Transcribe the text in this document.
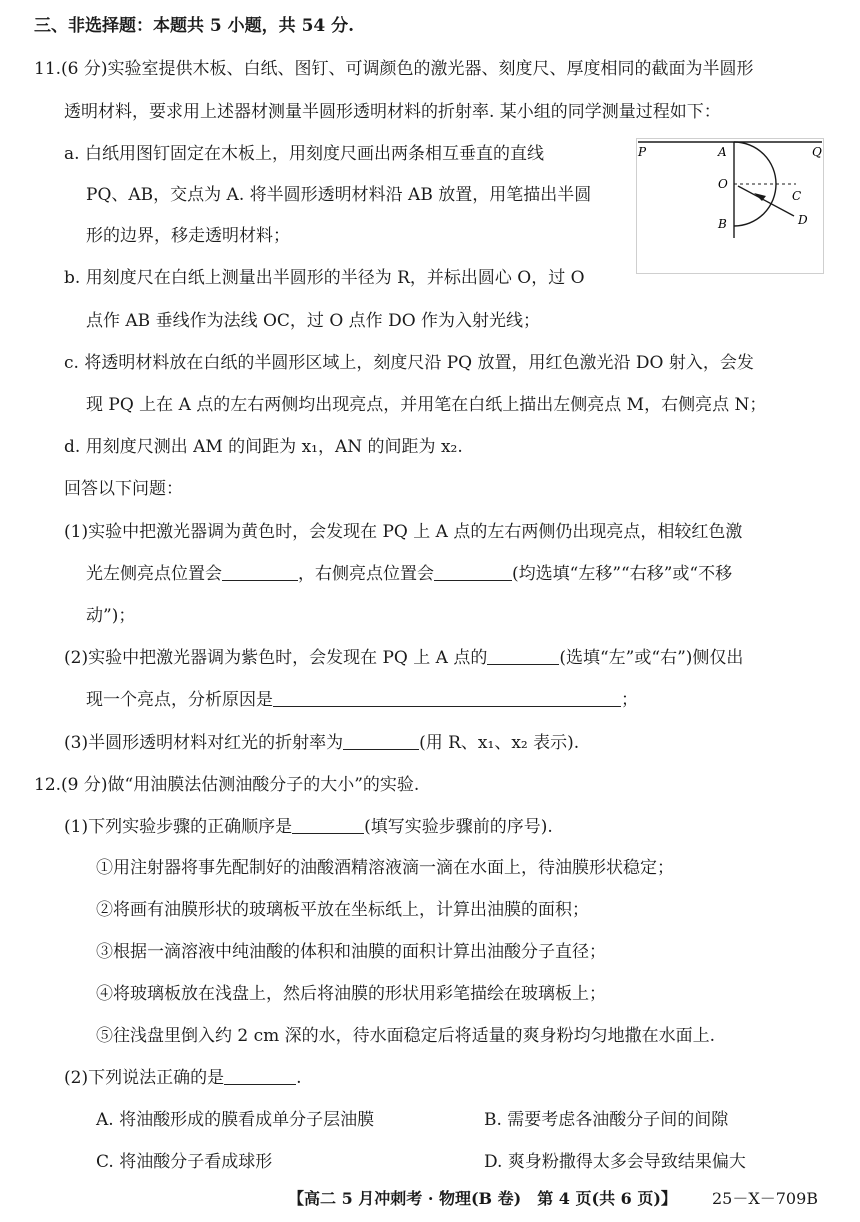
三、非选择题：本题共 5 小题，共 54 分.
11.(6 分)实验室提供木板、白纸、图钉、可调颜色的激光器、刻度尺、厚度相同的截面为半圆形
透明材料，要求用上述器材测量半圆形透明材料的折射率. 某小组的同学测量过程如下：
a. 白纸用图钉固定在木板上，用刻度尺画出两条相互垂直的直线
PQ、AB，交点为 A. 将半圆形透明材料沿 AB 放置，用笔描出半圆
形的边界，移走透明材料；
b. 用刻度尺在白纸上测量出半圆形的半径为 R，并标出圆心 O，过 O
点作 AB 垂线作为法线 OC，过 O 点作 DO 作为入射光线；
c. 将透明材料放在白纸的半圆形区域上，刻度尺沿 PQ 放置，用红色激光沿 DO 射入，会发
现 PQ 上在 A 点的左右两侧均出现亮点，并用笔在白纸上描出左侧亮点 M，右侧亮点 N；
d. 用刻度尺测出 AM 的间距为 x₁，AN 的间距为 x₂.
回答以下问题：
(1)实验中把激光器调为黄色时，会发现在 PQ 上 A 点的左右两侧仍出现亮点，相较红色激
光左侧亮点位置会	，右侧亮点位置会	(均选填“左移”“右移”或“不移
动”)；
(2)实验中把激光器调为紫色时，会发现在 PQ 上 A 点的	(选填“左”或“右”)侧仅出
现一个亮点，分析原因是	；
(3)半圆形透明材料对红光的折射率为	(用 R、x₁、x₂ 表示).
P	A	Q
O
C
B	D
12.(9 分)做“用油膜法估测油酸分子的大小”的实验.
(1)下列实验步骤的正确顺序是	(填写实验步骤前的序号).
①用注射器将事先配制好的油酸酒精溶液滴一滴在水面上，待油膜形状稳定；
②将画有油膜形状的玻璃板平放在坐标纸上，计算出油膜的面积；
③根据一滴溶液中纯油酸的体积和油膜的面积计算出油酸分子直径；
④将玻璃板放在浅盘上，然后将油膜的形状用彩笔描绘在玻璃板上；
⑤往浅盘里倒入约 2 cm 深的水，待水面稳定后将适量的爽身粉均匀地撒在水面上.
(2)下列说法正确的是	.
A. 将油酸形成的膜看成单分子层油膜	B. 需要考虑各油酸分子间的间隙
C. 将油酸分子看成球形	D. 爽身粉撒得太多会导致结果偏大
【高二 5 月冲刺考 · 物理(B 卷)　第 4 页(共 6 页)】 25－X－709B
